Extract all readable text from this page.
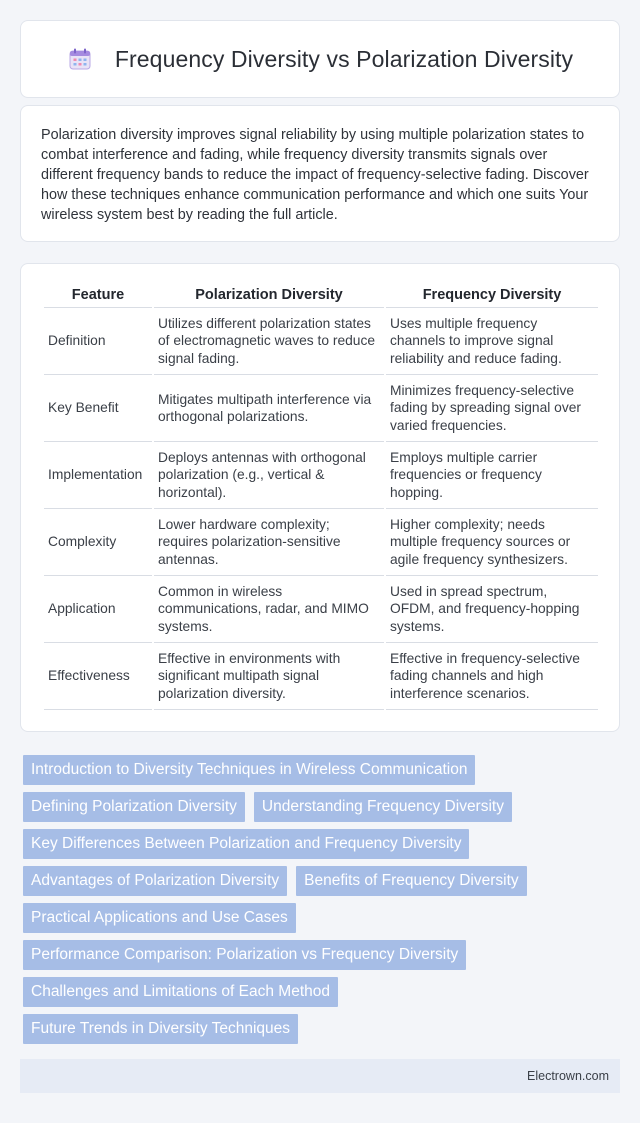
Frequency Diversity vs Polarization Diversity

Polarization diversity improves signal reliability by using multiple polarization states to combat interference and fading, while frequency diversity transmits signals over different frequency bands to reduce the impact of frequency-selective fading. Discover how these techniques enhance communication performance and which one suits Your wireless system best by reading the full article.

Feature	Polarization Diversity	Frequency Diversity
Definition	Utilizes different polarization states of electromagnetic waves to reduce signal fading.	Uses multiple frequency channels to improve signal reliability and reduce fading.
Key Benefit	Mitigates multipath interference via orthogonal polarizations.	Minimizes frequency-selective fading by spreading signal over varied frequencies.
Implementation	Deploys antennas with orthogonal polarization (e.g., vertical & horizontal).	Employs multiple carrier frequencies or frequency hopping.
Complexity	Lower hardware complexity; requires polarization-sensitive antennas.	Higher complexity; needs multiple frequency sources or agile frequency synthesizers.
Application	Common in wireless communications, radar, and MIMO systems.	Used in spread spectrum, OFDM, and frequency-hopping systems.
Effectiveness	Effective in environments with significant multipath signal polarization diversity.	Effective in frequency-selective fading channels and high interference scenarios.
Introduction to Diversity Techniques in Wireless Communication
Defining Polarization Diversity	Understanding Frequency Diversity
Key Differences Between Polarization and Frequency Diversity
Advantages of Polarization Diversity	Benefits of Frequency Diversity
Practical Applications and Use Cases
Performance Comparison: Polarization vs Frequency Diversity
Challenges and Limitations of Each Method
Future Trends in Diversity Techniques
Electrown.com
